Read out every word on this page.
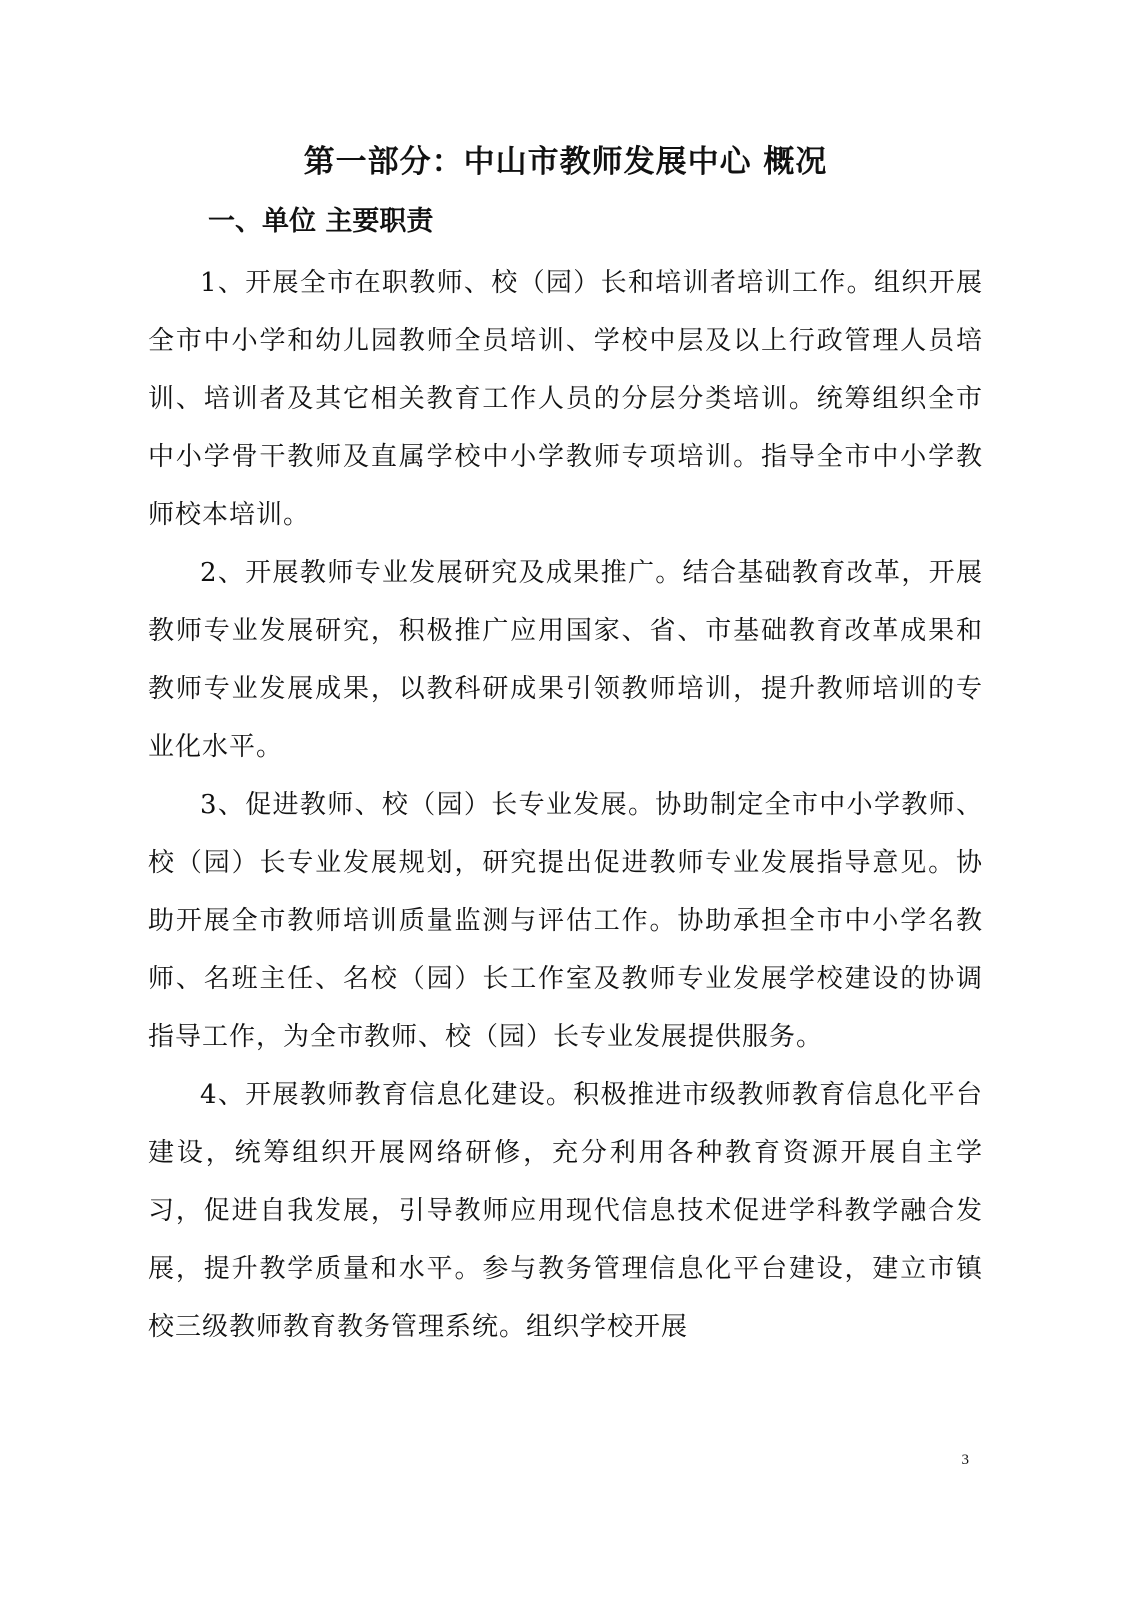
第一部分：中山市教师发展中心 概况
一、单位 主要职责

1、开展全市在职教师、校（园）长和培训者培训工作。组织开展全市中小学和幼儿园教师全员培训、学校中层及以上行政管理人员培训、培训者及其它相关教育工作人员的分层分类培训。统筹组织全市中小学骨干教师及直属学校中小学教师专项培训。指导全市中小学教师校本培训。

2、开展教师专业发展研究及成果推广。结合基础教育改革，开展教师专业发展研究，积极推广应用国家、省、市基础教育改革成果和教师专业发展成果，以教科研成果引领教师培训，提升教师培训的专业化水平。

3、促进教师、校（园）长专业发展。协助制定全市中小学教师、校（园）长专业发展规划，研究提出促进教师专业发展指导意见。协助开展全市教师培训质量监测与评估工作。协助承担全市中小学名教师、名班主任、名校（园）长工作室及教师专业发展学校建设的协调指导工作，为全市教师、校（园）长专业发展提供服务。

4、开展教师教育信息化建设。积极推进市级教师教育信息化平台建设，统筹组织开展网络研修，充分利用各种教育资源开展自主学习，促进自我发展，引导教师应用现代信息技术促进学科教学融合发展，提升教学质量和水平。参与教务管理信息化平台建设，建立市镇校三级教师教育教务管理系统。组织学校开展

3
